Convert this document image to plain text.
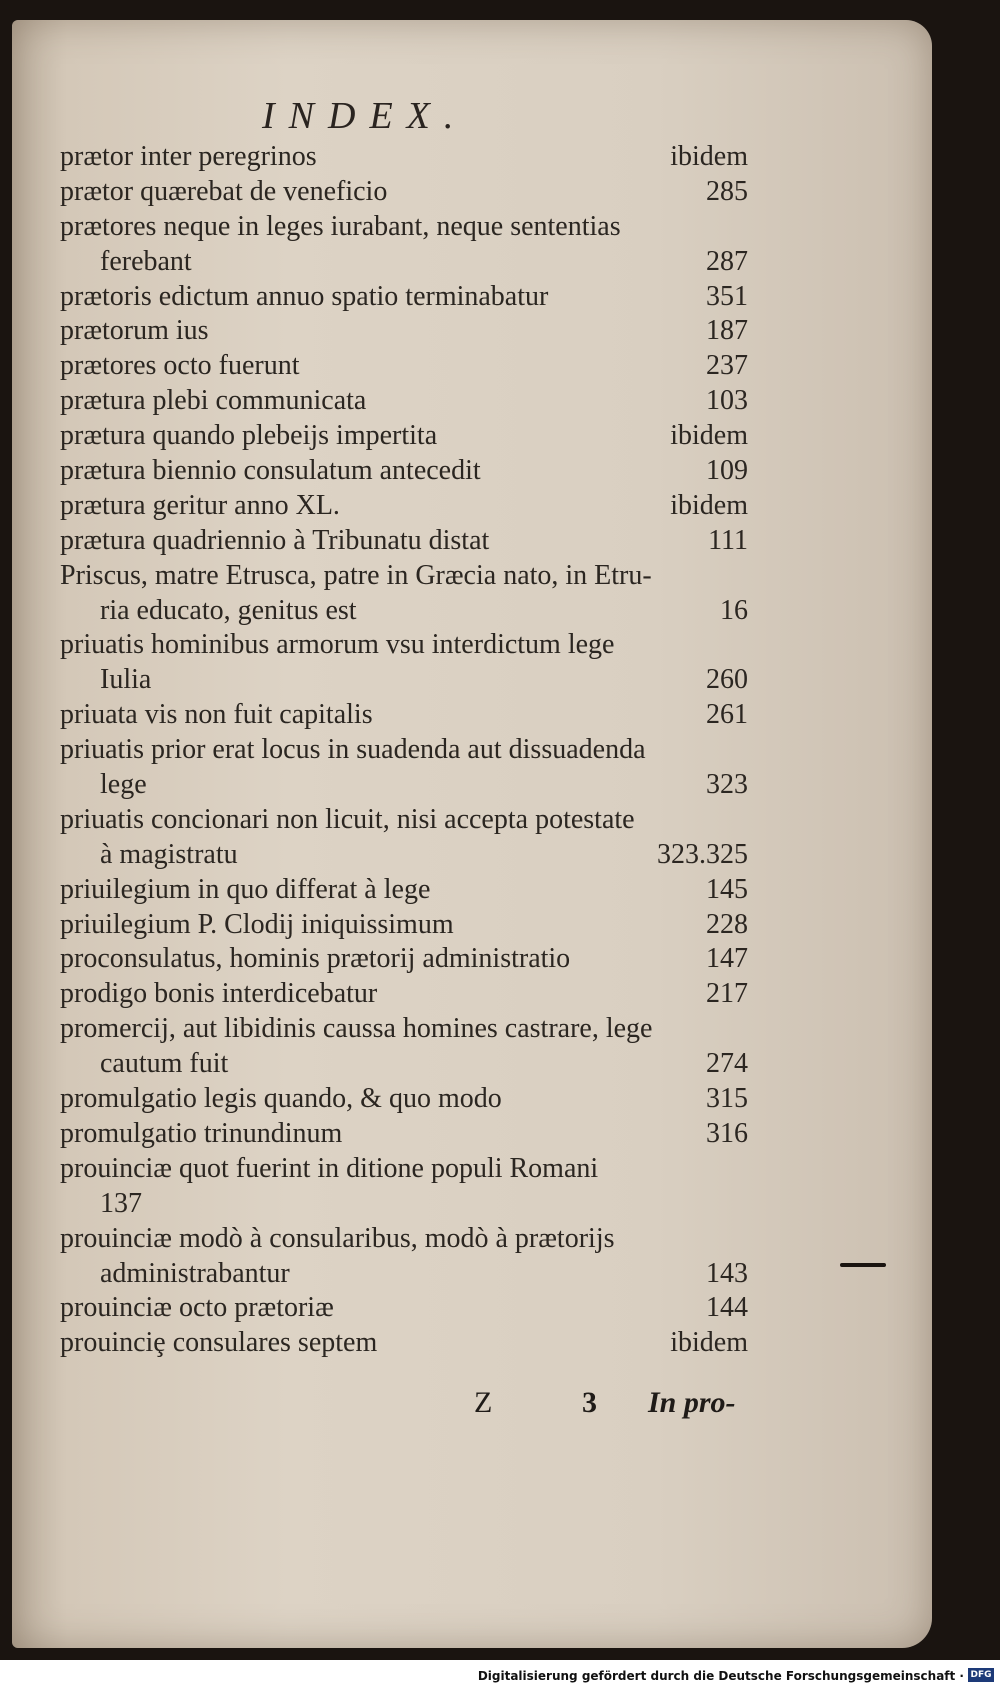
INDEX.
prætor inter peregrinos	ibidem
prætor quærebat de veneficio	285
prætores neque in leges iurabant, neque sententias
ferebant	287
prætoris edictum annuo spatio terminabatur	351
prætorum ius	187
prætores octo fuerunt	237
prætura plebi communicata	103
prætura quando plebeijs impertita	ibidem
prætura biennio consulatum antecedit	109
prætura geritur anno XL.	ibidem
prætura quadriennio à Tribunatu distat	111
Priscus, matre Etrusca, patre in Græcia nato, in Etru-
ria educato, genitus est	16
priuatis hominibus armorum vsu interdictum lege
Iulia	260
priuata vis non fuit capitalis	261
priuatis prior erat locus in suadenda aut dissuadenda
lege	323
priuatis concionari non licuit, nisi accepta potestate
à magistratu	323.325
priuilegium in quo differat à lege	145
priuilegium P. Clodij iniquissimum	228
proconsulatus, hominis prætorij administratio	147
prodigo bonis interdicebatur	217
promercij, aut libidinis caussa homines castrare, lege
cautum fuit	274
promulgatio legis quando, & quo modo	315
promulgatio trinundinum	316
prouinciæ quot fuerint in ditione populi Romani
137
prouinciæ modò à consularibus, modò à prætorijs
administrabantur	143
prouinciæ octo prætoriæ	144
prouinciȩ consulares septem	ibidem
Z	3 In pro-
Digitalisierung gefördert durch die Deutsche Forschungsgemeinschaft · DFG
